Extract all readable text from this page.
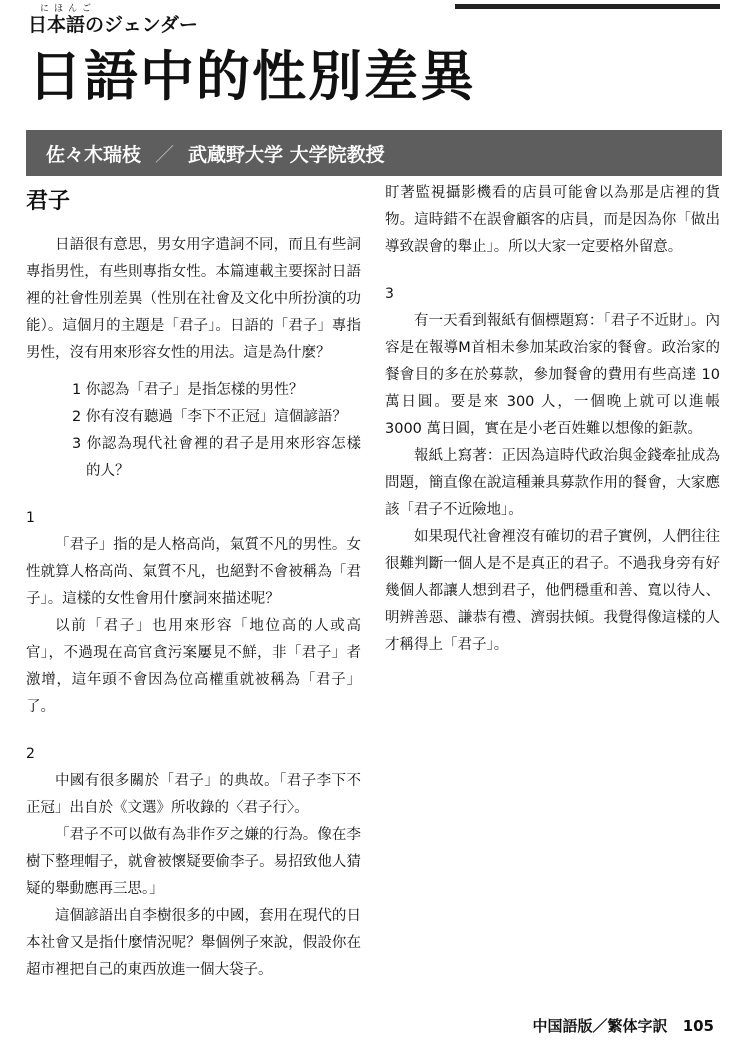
にほんご
日本語のジェンダー
日語中的性別差異
佐々木瑞枝 ／ 武蔵野大学 大学院教授
君子

日語很有意思，男女用字遣詞不同，而且有些詞專指男性，有些則專指女性。本篇連載主要探討日語裡的社會性別差異（性別在社會及文化中所扮演的功能）。這個月的主題是「君子」。日語的「君子」專指男性，沒有用來形容女性的用法。這是為什麼？

1 你認為「君子」是指怎樣的男性？

2 你有沒有聽過「李下不正冠」這個諺語？

3 你認為現代社會裡的君子是用來形容怎樣的人？

1

「君子」指的是人格高尚，氣質不凡的男性。女性就算人格高尚、氣質不凡，也絕對不會被稱為「君子」。這樣的女性會用什麼詞來描述呢？

以前「君子」也用來形容「地位高的人或高官」，不過現在高官貪污案屢見不鮮，非「君子」者激增，這年頭不會因為位高權重就被稱為「君子」了。

2

中國有很多關於「君子」的典故。「君子李下不正冠」出自於《文選》所收錄的〈君子行〉。

「君子不可以做有為非作歹之嫌的行為。像在李樹下整理帽子，就會被懷疑要偷李子。易招致他人猜疑的舉動應再三思。」

這個諺語出自李樹很多的中國，套用在現代的日本社會又是指什麼情況呢？舉個例子來說，假設你在超市裡把自己的東西放進一個大袋子。

盯著監視攝影機看的店員可能會以為那是店裡的貨物。這時錯不在誤會顧客的店員，而是因為你「做出導致誤會的舉止」。所以大家一定要格外留意。

3

有一天看到報紙有個標題寫：「君子不近財」。內容是在報導M首相未參加某政治家的餐會。政治家的餐會目的多在於募款，參加餐會的費用有些高達 10 萬日圓。要是來 300 人，一個晚上就可以進帳 3000 萬日圓，實在是小老百姓難以想像的鉅款。

報紙上寫著：正因為這時代政治與金錢牽扯成為問題，簡直像在說這種兼具募款作用的餐會，大家應該「君子不近險地」。

如果現代社會裡沒有確切的君子實例，人們往往很難判斷一個人是不是真正的君子。不過我身旁有好幾個人都讓人想到君子，他們穩重和善、寬以待人、明辨善惡、謙恭有禮、濟弱扶傾。我覺得像這樣的人才稱得上「君子」。

中国語版／繁体字訳 105
